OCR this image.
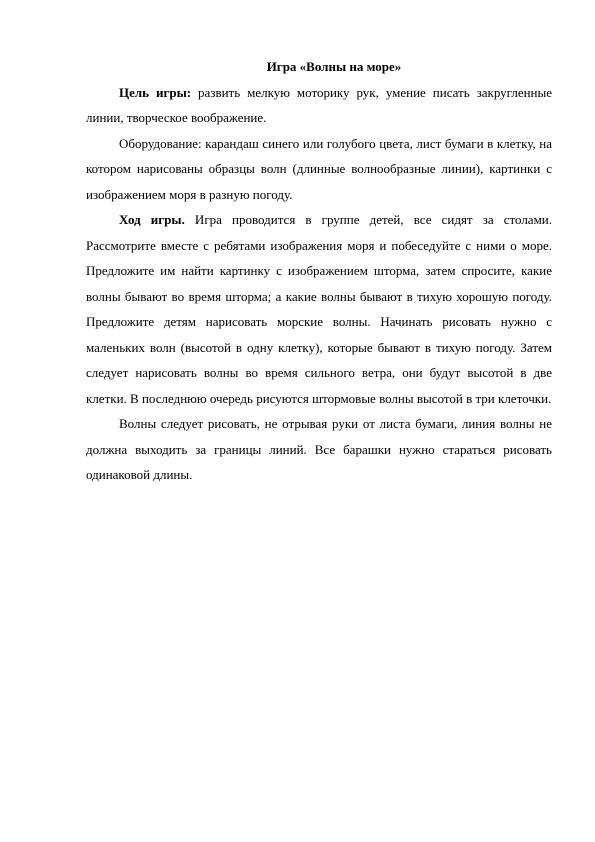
Игра «Волны на море»

Цель игры: развить мелкую моторику рук, умение писать закругленные линии, творческое воображение.

Оборудование: карандаш синего или голубого цвета, лист бумаги в клетку, на котором нарисованы образцы волн (длинные волнообразные линии), картинки с изображением моря в разную погоду.

Ход игры. Игра проводится в группе детей, все сидят за столами. Рассмотрите вместе с ребятами изображения моря и побеседуйте с ними о море. Предложите им найти картинку с изображением шторма, затем спросите, какие волны бывают во время шторма; а какие волны бывают в тихую хорошую погоду. Предложите детям нарисовать морские волны. Начинать рисовать нужно с маленьких волн (высотой в одну клетку), которые бывают в тихую погоду. Затем следует нарисовать волны во время сильного ветра, они будут высотой в две клетки. В последнюю очередь рисуются штормовые волны высотой в три клеточки.

Волны следует рисовать, не отрывая руки от листа бумаги, линия волны не должна выходить за границы линий. Все барашки нужно стараться рисовать одинаковой длины.
